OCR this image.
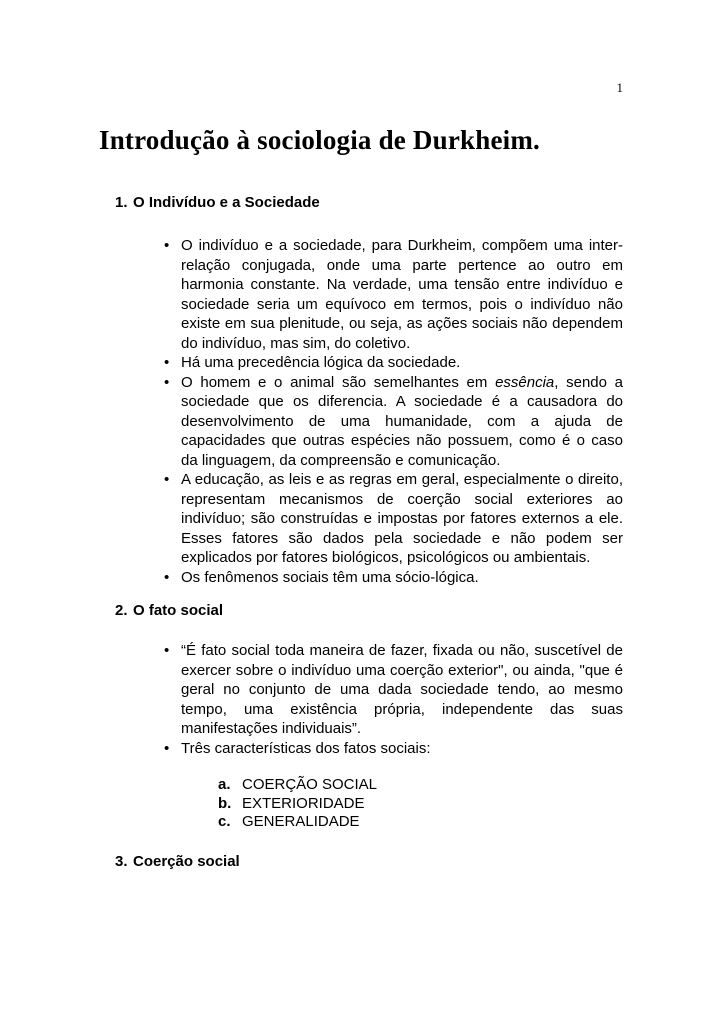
1
Introdução à sociologia de Durkheim.
1. O Indivíduo e a Sociedade
• O indivíduo e a sociedade, para Durkheim, compõem uma inter-relação conjugada, onde uma parte pertence ao outro em harmonia constante. Na verdade, uma tensão entre indivíduo e sociedade seria um equívoco em termos, pois o indivíduo não existe em sua plenitude, ou seja, as ações sociais não dependem do indivíduo, mas sim, do coletivo.
• Há uma precedência lógica da sociedade.
• O homem e o animal são semelhantes em essência, sendo a sociedade que os diferencia. A sociedade é a causadora do desenvolvimento de uma humanidade, com a ajuda de capacidades que outras espécies não possuem, como é o caso da linguagem, da compreensão e comunicação.
• A educação, as leis e as regras em geral, especialmente o direito, representam mecanismos de coerção social exteriores ao indivíduo; são construídas e impostas por fatores externos a ele. Esses fatores são dados pela sociedade e não podem ser explicados por fatores biológicos, psicológicos ou ambientais.
• Os fenômenos sociais têm uma sócio-lógica.
2. O fato social
• “É fato social toda maneira de fazer, fixada ou não, suscetível de exercer sobre o indivíduo uma coerção exterior", ou ainda, "que é geral no conjunto de uma dada sociedade tendo, ao mesmo tempo, uma existência própria, independente das suas manifestações individuais”.
• Três características dos fatos sociais:
a. COERÇÃO SOCIAL
b. EXTERIORIDADE
c. GENERALIDADE
3. Coerção social
